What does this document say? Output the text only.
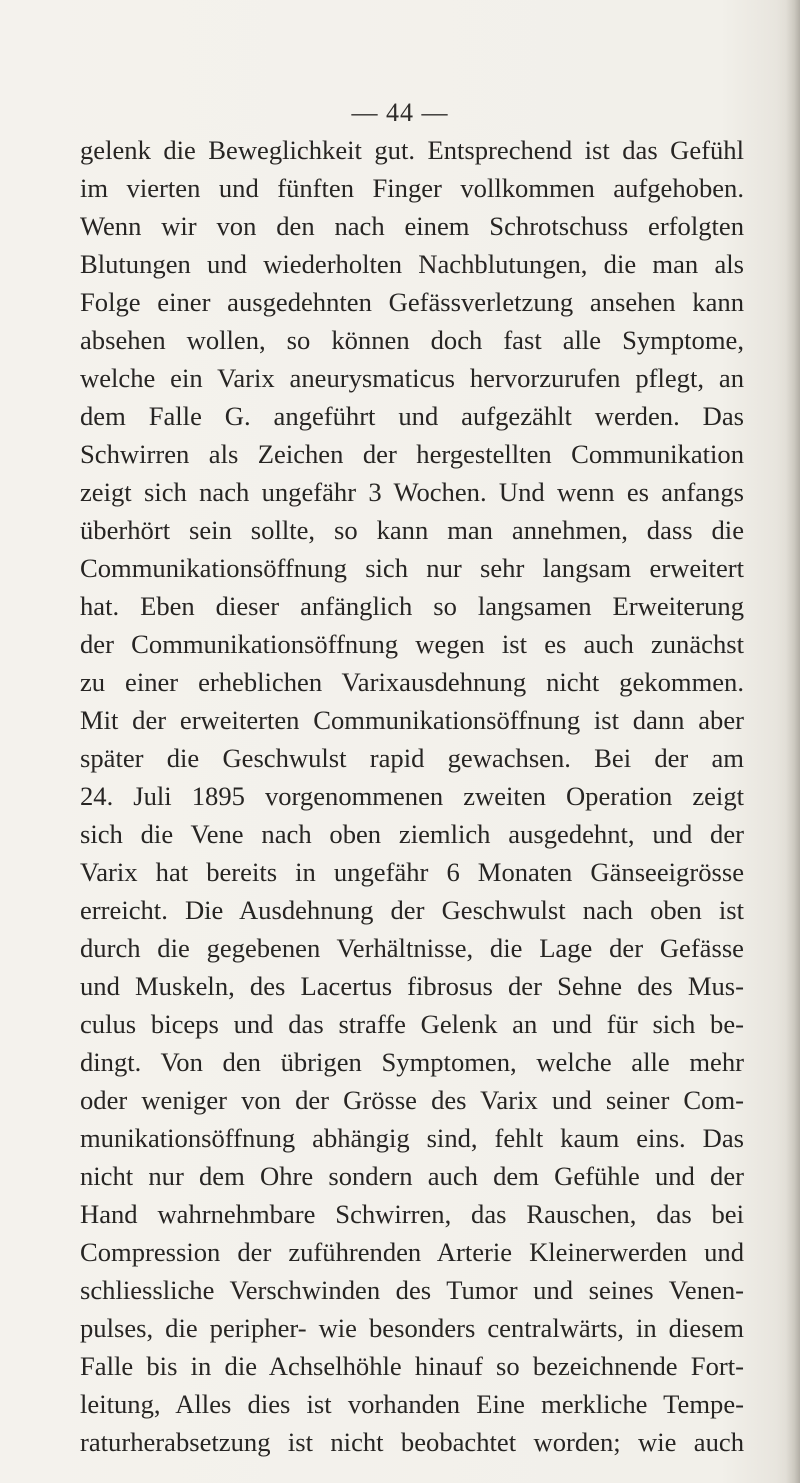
— 44 —
gelenk die Beweglichkeit gut. Entsprechend ist das Gefühl
im vierten und fünften Finger vollkommen aufgehoben.
Wenn wir von den nach einem Schrotschuss erfolgten
Blutungen und wiederholten Nachblutungen, die man als
Folge einer ausgedehnten Gefässverletzung ansehen kann
absehen wollen, so können doch fast alle Symptome,
welche ein Varix aneurysmaticus hervorzurufen pflegt, an
dem Falle G. angeführt und aufgezählt werden. Das
Schwirren als Zeichen der hergestellten Communikation
zeigt sich nach ungefähr 3 Wochen. Und wenn es anfangs
überhört sein sollte, so kann man annehmen, dass die
Communikationsöffnung sich nur sehr langsam erweitert
hat. Eben dieser anfänglich so langsamen Erweiterung
der Communikationsöffnung wegen ist es auch zunächst
zu einer erheblichen Varixausdehnung nicht gekommen.
Mit der erweiterten Communikationsöffnung ist dann aber
später die Geschwulst rapid gewachsen. Bei der am
24. Juli 1895 vorgenommenen zweiten Operation zeigt
sich die Vene nach oben ziemlich ausgedehnt, und der
Varix hat bereits in ungefähr 6 Monaten Gänseeigrösse
erreicht. Die Ausdehnung der Geschwulst nach oben ist
durch die gegebenen Verhältnisse, die Lage der Gefässe
und Muskeln, des Lacertus fibrosus der Sehne des Mus-
culus biceps und das straffe Gelenk an und für sich be-
dingt. Von den übrigen Symptomen, welche alle mehr
oder weniger von der Grösse des Varix und seiner Com-
munikationsöffnung abhängig sind, fehlt kaum eins. Das
nicht nur dem Ohre sondern auch dem Gefühle und der
Hand wahrnehmbare Schwirren, das Rauschen, das bei
Compression der zuführenden Arterie Kleinerwerden und
schliessliche Verschwinden des Tumor und seines Venen-
pulses, die peripher- wie besonders centralwärts, in diesem
Falle bis in die Achselhöhle hinauf so bezeichnende Fort-
leitung, Alles dies ist vorhanden Eine merkliche Tempe-
raturherabsetzung ist nicht beobachtet worden; wie auch
